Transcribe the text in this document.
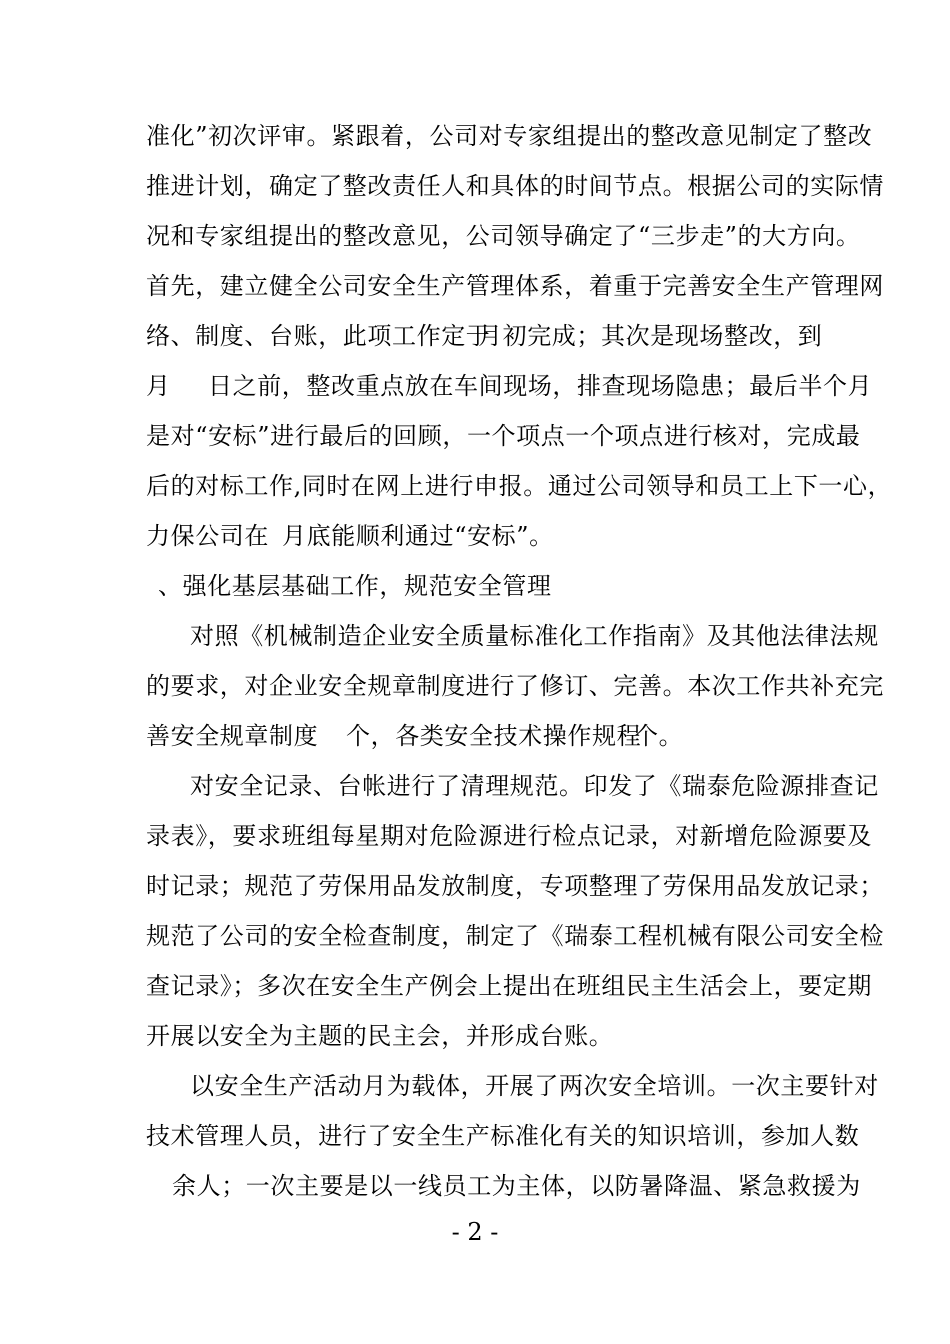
准化”初次评审。紧跟着，公司对专家组提出的整改意见制定了整改

推进计划，确定了整改责任人和具体的时间节点。根据公司的实际情

况和专家组提出的整改意见，公司领导确定了“三步走”的大方向。

首先，建立健全公司安全生产管理体系，着重于完善安全生产管理网

络、制度、台账，此项工作定于

月初完成；其次是现场整改，到

月

日之前，整改重点放在车间现场，排查现场隐患；最后半个月

是对“安标”进行最后的回顾，一个项点一个项点进行核对，完成最

后的对标工作,同时在网上进行申报。通过公司领导和员工上下一心，

力保公司在

月底能顺利通过“安标”。

、强化基层基础工作，规范安全管理

对照《机械制造企业安全质量标准化工作指南》及其他法律法规

的要求，对企业安全规章制度进行了修订、完善。本次工作共补充完

善安全规章制度

个，各类安全技术操作规程

个。

对安全记录、台帐进行了清理规范。印发了《瑞泰危险源排查记

录表》，要求班组每星期对危险源进行检点记录，对新增危险源要及

时记录；规范了劳保用品发放制度，专项整理了劳保用品发放记录；

规范了公司的安全检查制度，制定了《瑞泰工程机械有限公司安全检

查记录》；多次在安全生产例会上提出在班组民主生活会上，要定期

开展以安全为主题的民主会，并形成台账。

以安全生产活动月为载体，开展了两次安全培训。一次主要针对

技术管理人员，进行了安全生产标准化有关的知识培训，参加人数

余人；一次主要是以一线员工为主体，以防暑降温、紧急救援为

- 2 -
